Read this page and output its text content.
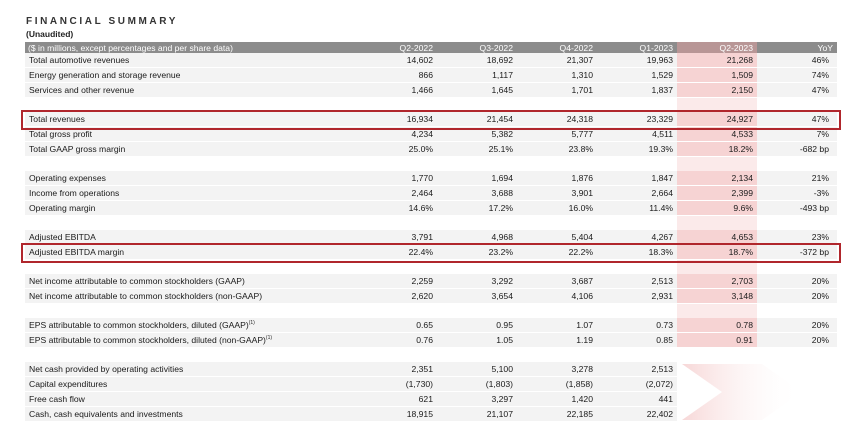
FINANCIAL SUMMARY
(Unaudited)
($ in millions, except percentages and per share data)	Q2-2022	Q3-2022	Q4-2022	Q1-2023	Q2-2023	YoY
Total automotive revenues	14,602	18,692	21,307	19,963	21,268	46%
Energy generation and storage revenue	866	1,117	1,310	1,529	1,509	74%
Services and other revenue	1,466	1,645	1,701	1,837	2,150	47%

Total revenues	16,934	21,454	24,318	23,329	24,927	47%
Total gross profit	4,234	5,382	5,777	4,511	4,533	7%
Total GAAP gross margin	25.0%	25.1%	23.8%	19.3%	18.2%	-682 bp

Operating expenses	1,770	1,694	1,876	1,847	2,134	21%
Income from operations	2,464	3,688	3,901	2,664	2,399	-3%
Operating margin	14.6%	17.2%	16.0%	11.4%	9.6%	-493 bp

Adjusted EBITDA	3,791	4,968	5,404	4,267	4,653	23%
Adjusted EBITDA margin	22.4%	23.2%	22.2%	18.3%	18.7%	-372 bp

Net income attributable to common stockholders (GAAP)	2,259	3,292	3,687	2,513	2,703	20%
Net income attributable to common stockholders (non-GAAP)	2,620	3,654	4,106	2,931	3,148	20%

EPS attributable to common stockholders, diluted (GAAP)$^{(1)}$	0.65	0.95	1.07	0.73	0.78	20%
EPS attributable to common stockholders, diluted (non-GAAP)$^{(1)}$	0.76	1.05	1.19	0.85	0.91	20%

Net cash provided by operating activities	2,351	5,100	3,278	2,513		
Capital expenditures	(1,730)	(1,803)	(1,858)	(2,072)		
Free cash flow	621	3,297	1,420	441		
Cash, cash equivalents and investments	18,915	21,107	22,185	22,402		
